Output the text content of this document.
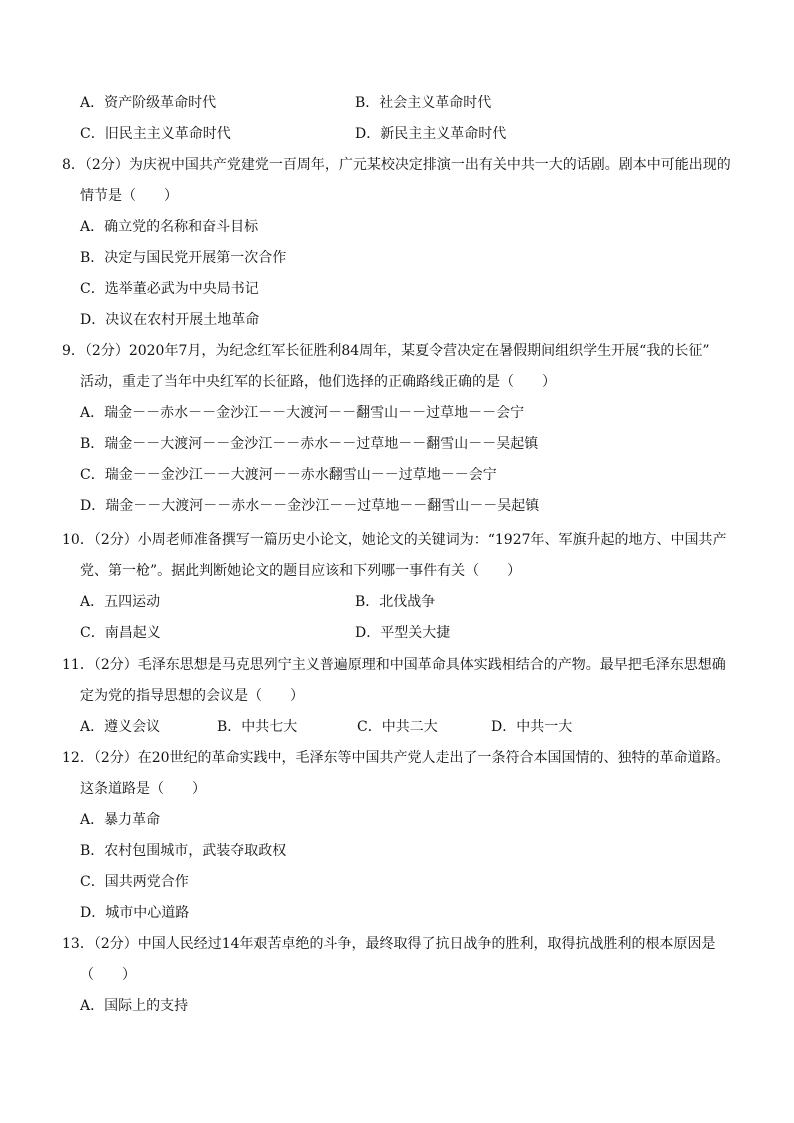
A．资产阶级革命时代	B．社会主义革命时代
C．旧民主主义革命时代	D．新民主主义革命时代
8．（2分）为庆祝中国共产党建党一百周年，广元某校决定排演一出有关中共一大的话剧。剧本中可能出现的
情节是（　　）
A．确立党的名称和奋斗目标
B．决定与国民党开展第一次合作
C．选举董必武为中央局书记
D．决议在农村开展土地革命
9．（2分）2020年7月，为纪念红军长征胜利84周年，某夏令营决定在暑假期间组织学生开展“我的长征”
活动，重走了当年中央红军的长征路，他们选择的正确路线正确的是（　　）
A．瑞金－－赤水－－金沙江－－大渡河－－翻雪山－－过草地－－会宁
B．瑞金－－大渡河－－金沙江－－赤水－－过草地－－翻雪山－－吴起镇
C．瑞金－－金沙江－－大渡河－－赤水翻雪山－－过草地－－会宁
D．瑞金－－大渡河－－赤水－－金沙江－－过草地－－翻雪山－－吴起镇
10．（2分）小周老师准备撰写一篇历史小论文，她论文的关键词为：“1927年、军旗升起的地方、中国共产
党、第一枪”。据此判断她论文的题目应该和下列哪一事件有关（　　）
A．五四运动	B．北伐战争
C．南昌起义	D．平型关大捷
11．（2分）毛泽东思想是马克思列宁主义普遍原理和中国革命具体实践相结合的产物。最早把毛泽东思想确
定为党的指导思想的会议是（　　）
A．遵义会议	B．中共七大	C．中共二大	D．中共一大
12．（2分）在20世纪的革命实践中，毛泽东等中国共产党人走出了一条符合本国国情的、独特的革命道路。
这条道路是（　　）
A．暴力革命
B．农村包围城市，武装夺取政权
C．国共两党合作
D．城市中心道路
13．（2分）中国人民经过14年艰苦卓绝的斗争，最终取得了抗日战争的胜利，取得抗战胜利的根本原因是
（　　）
A．国际上的支持
